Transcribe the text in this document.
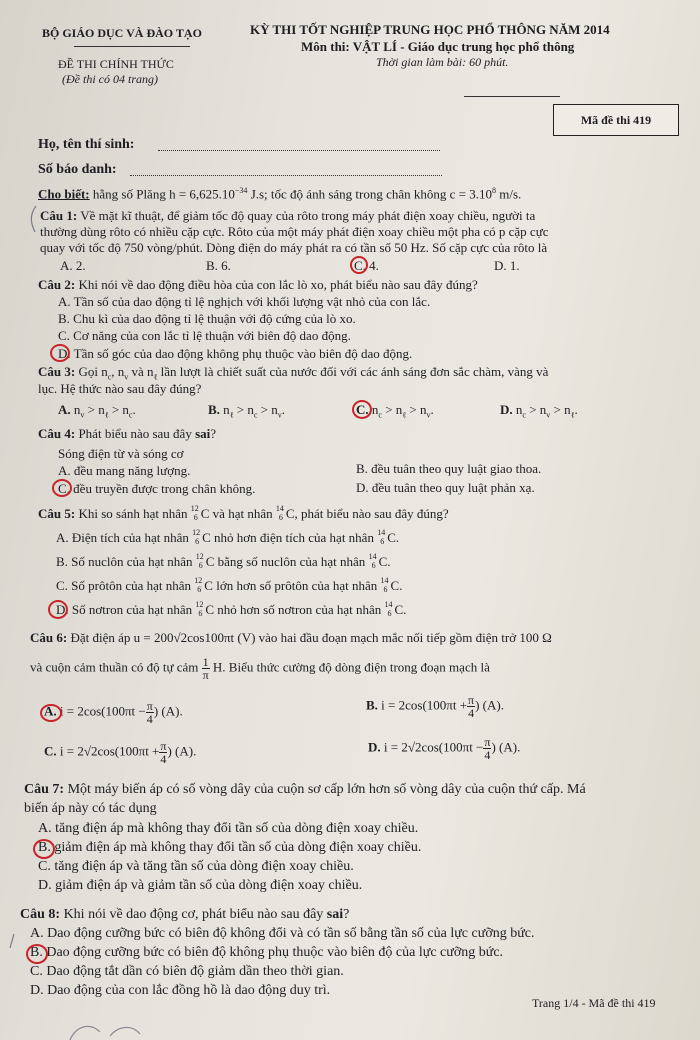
BỘ GIÁO DỤC VÀ ĐÀO TẠO	KỲ THI TỐT NGHIỆP TRUNG HỌC PHỔ THÔNG NĂM 2014
Môn thi: VẬT LÍ - Giáo dục trung học phổ thông
Thời gian làm bài: 60 phút.
ĐỀ THI CHÍNH THỨC
(Đề thi có 04 trang)
Mã đề thi 419
Họ, tên thí sinh:
Số báo danh:
Cho biết: hằng số Plăng $h = 6,625.10^{-34}$ J.s; tốc độ ánh sáng trong chân không $c = 3.10^8$ m/s.
Câu 1: Về mặt kĩ thuật, để giảm tốc độ quay của rôto trong máy phát điện xoay chiều, người ta
thường dùng rôto có nhiều cặp cực. Rôto của một máy phát điện xoay chiều một pha có p cặp cực
quay với tốc độ 750 vòng/phút. Dòng điện do máy phát ra có tần số 50 Hz. Số cặp cực của rôto là
A. 2.	B. 6.	C. 4.	D. 1.
Câu 2: Khi nói về dao động điều hòa của con lắc lò xo, phát biểu nào sau đây đúng?
A. Tần số của dao động tỉ lệ nghịch với khối lượng vật nhỏ của con lắc.
B. Chu kì của dao động tỉ lệ thuận với độ cứng của lò xo.
C. Cơ năng của con lắc tỉ lệ thuận với biên độ dao động.
D. Tần số góc của dao động không phụ thuộc vào biên độ dao động.
Câu 3: Gọi $n_c$, $n_v$ và $n_\ell$ lần lượt là chiết suất của nước đối với các ánh sáng đơn sắc chàm, vàng và
lục. Hệ thức nào sau đây đúng?
A. $n_v > n_\ell > n_c$.	B. $n_\ell > n_c > n_v$.	C. $n_c > n_\ell > n_v$.	D. $n_c > n_v > n_\ell$.
Câu 4: Phát biểu nào sau đây sai?
Sóng điện từ và sóng cơ
A. đều mang năng lượng.	B. đều tuân theo quy luật giao thoa.
C. đều truyền được trong chân không.	D. đều tuân theo quy luật phản xạ.
Câu 5: Khi so sánh hạt nhân 12
6 C và hạt nhân 14
6 C, phát biểu nào sau đây đúng?
A. Điện tích của hạt nhân 12
6 C nhỏ hơn điện tích của hạt nhân 14
6 C.
B. Số nuclôn của hạt nhân 12
6 C bằng số nuclôn của hạt nhân 14
6 C.
C. Số prôtôn của hạt nhân 12
6 C lớn hơn số prôtôn của hạt nhân 14
6 C.
D. Số nơtron của hạt nhân 12
6 C nhỏ hơn số nơtron của hạt nhân 14
6 C.
Câu 6: Đặt điện áp u = 200√2cos100πt (V) vào hai đầu đoạn mạch mắc nối tiếp gồm điện trở 100 Ω
và cuộn cảm thuần có độ tự cảm $\frac{1}{\pi} H$. Biểu thức cường độ dòng điện trong đoạn mạch là
A. $i = 2\cos(100\pi t - \frac{\pi}{4}$ ) (A).	B. $i = 2\cos(100\pi t + \frac{\pi}{4}$ ) (A).
C. $i = 2√2\cos(100\pi t + \frac{\pi}{4}$ ) (A).	D. $i = 2√2\cos(100\pi t - \frac{\pi}{4}$ ) (A).
Câu 7: Một máy biến áp có số vòng dây của cuộn sơ cấp lớn hơn số vòng dây của cuộn thứ cấp. Má
biến áp này có tác dụng
A. tăng điện áp mà không thay đổi tần số của dòng điện xoay chiều.
B. giảm điện áp mà không thay đổi tần số của dòng điện xoay chiều.
C. tăng điện áp và tăng tần số của dòng điện xoay chiều.
D. giảm điện áp và giảm tần số của dòng điện xoay chiều.
Câu 8: Khi nói về dao động cơ, phát biểu nào sau đây sai?
A. Dao động cưỡng bức có biên độ không đổi và có tần số bằng tần số của lực cưỡng bức.
B. Dao động cưỡng bức có biên độ không phụ thuộc vào biên độ của lực cưỡng bức.
C. Dao động tắt dần có biên độ giảm dần theo thời gian.
D. Dao động của con lắc đồng hồ là dao động duy trì.
Trang 1/4 - Mã đề thi 419
